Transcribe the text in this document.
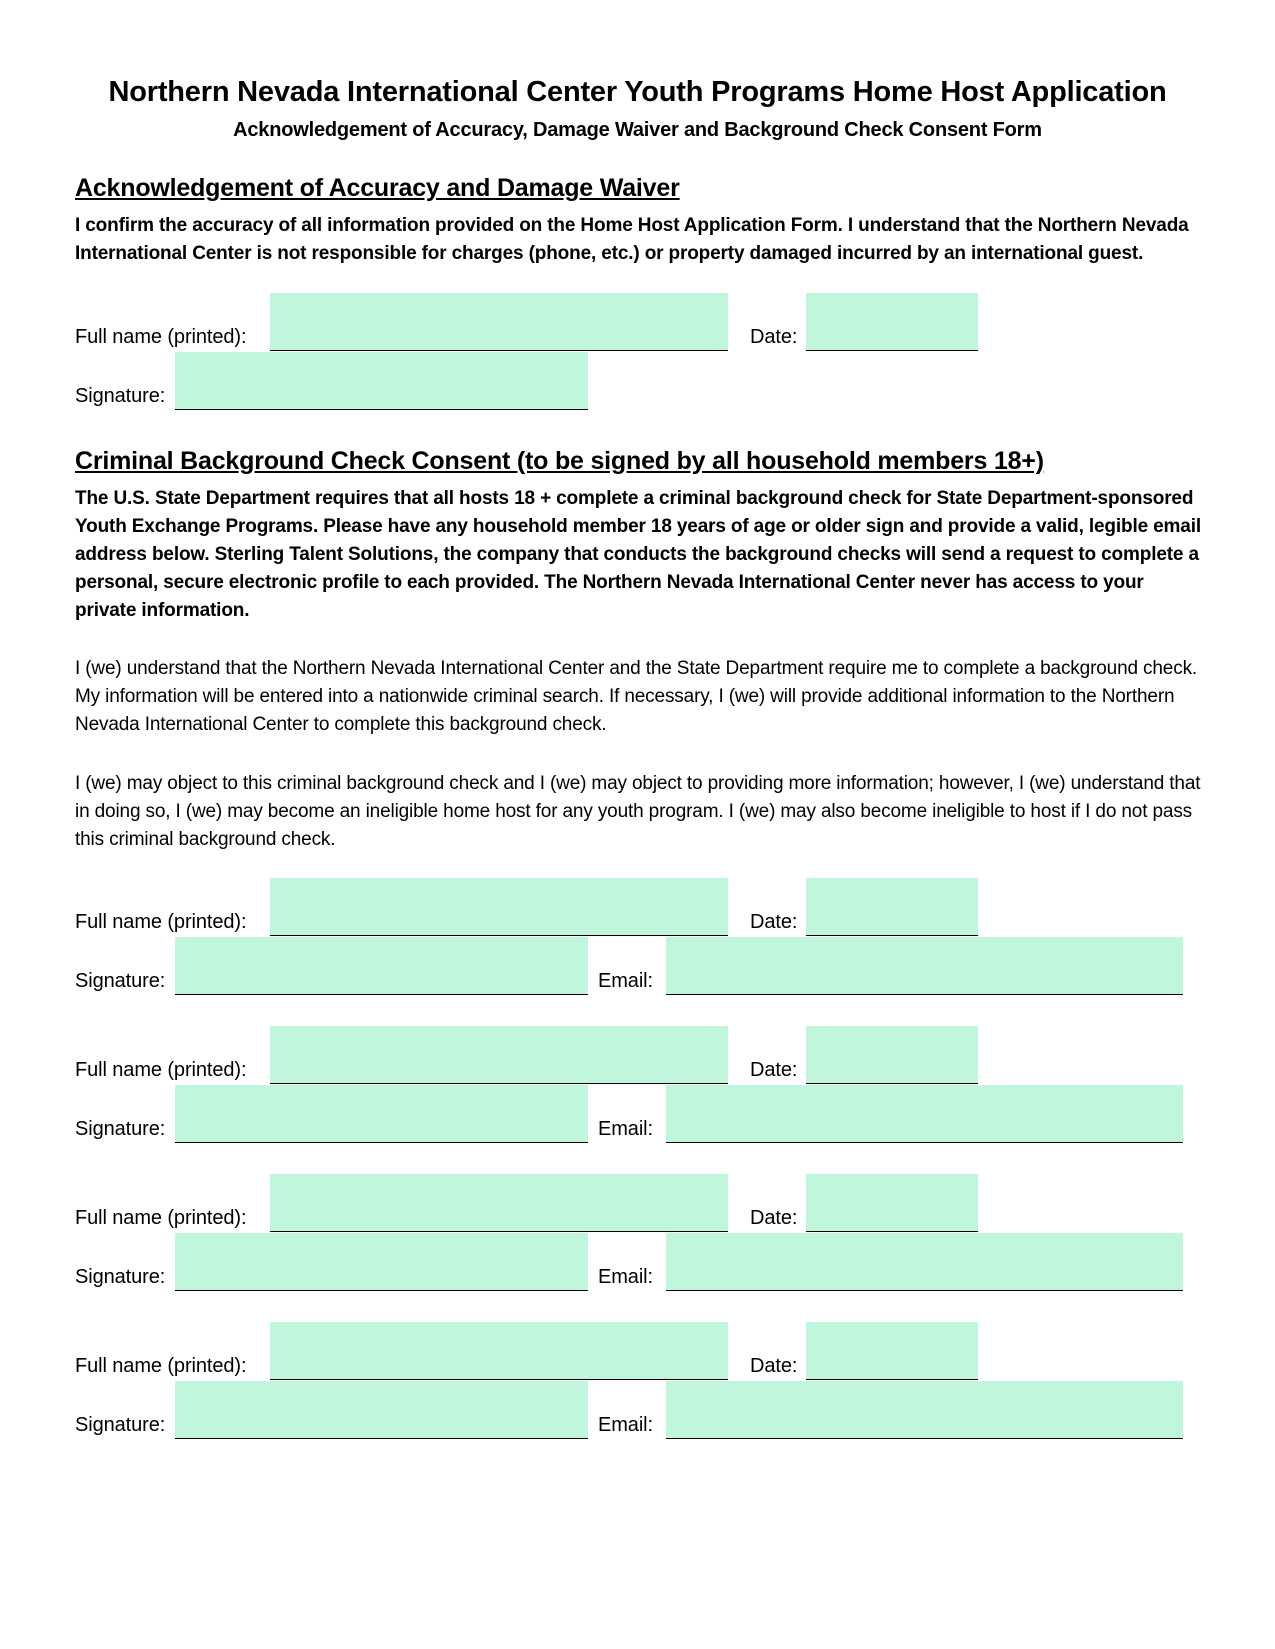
Northern Nevada International Center Youth Programs Home Host Application
Acknowledgement of Accuracy, Damage Waiver and Background Check Consent Form
Acknowledgement of Accuracy and Damage Waiver
I confirm the accuracy of all information provided on the Home Host Application Form. I understand that the Northern Nevada International Center is not responsible for charges (phone, etc.) or property damaged incurred by an international guest.
Full name (printed):	Date:
Signature:
Criminal Background Check Consent (to be signed by all household members 18+)
The U.S. State Department requires that all hosts 18 + complete a criminal background check for State Department-sponsored Youth Exchange Programs. Please have any household member 18 years of age or older sign and provide a valid, legible email address below. Sterling Talent Solutions, the company that conducts the background checks will send a request to complete a personal, secure electronic profile to each provided. The Northern Nevada International Center never has access to your private information.
I (we) understand that the Northern Nevada International Center and the State Department require me to complete a background check. My information will be entered into a nationwide criminal search. If necessary, I (we) will provide additional information to the Northern Nevada International Center to complete this background check.
I (we) may object to this criminal background check and I (we) may object to providing more information; however, I (we) understand that in doing so, I (we) may become an ineligible home host for any youth program. I (we) may also become ineligible to host if I do not pass this criminal background check.
Full name (printed):	Date:
Signature:	Email:
Full name (printed):	Date:
Signature:	Email:
Full name (printed):	Date:
Signature:	Email:
Full name (printed):	Date:
Signature:	Email:
